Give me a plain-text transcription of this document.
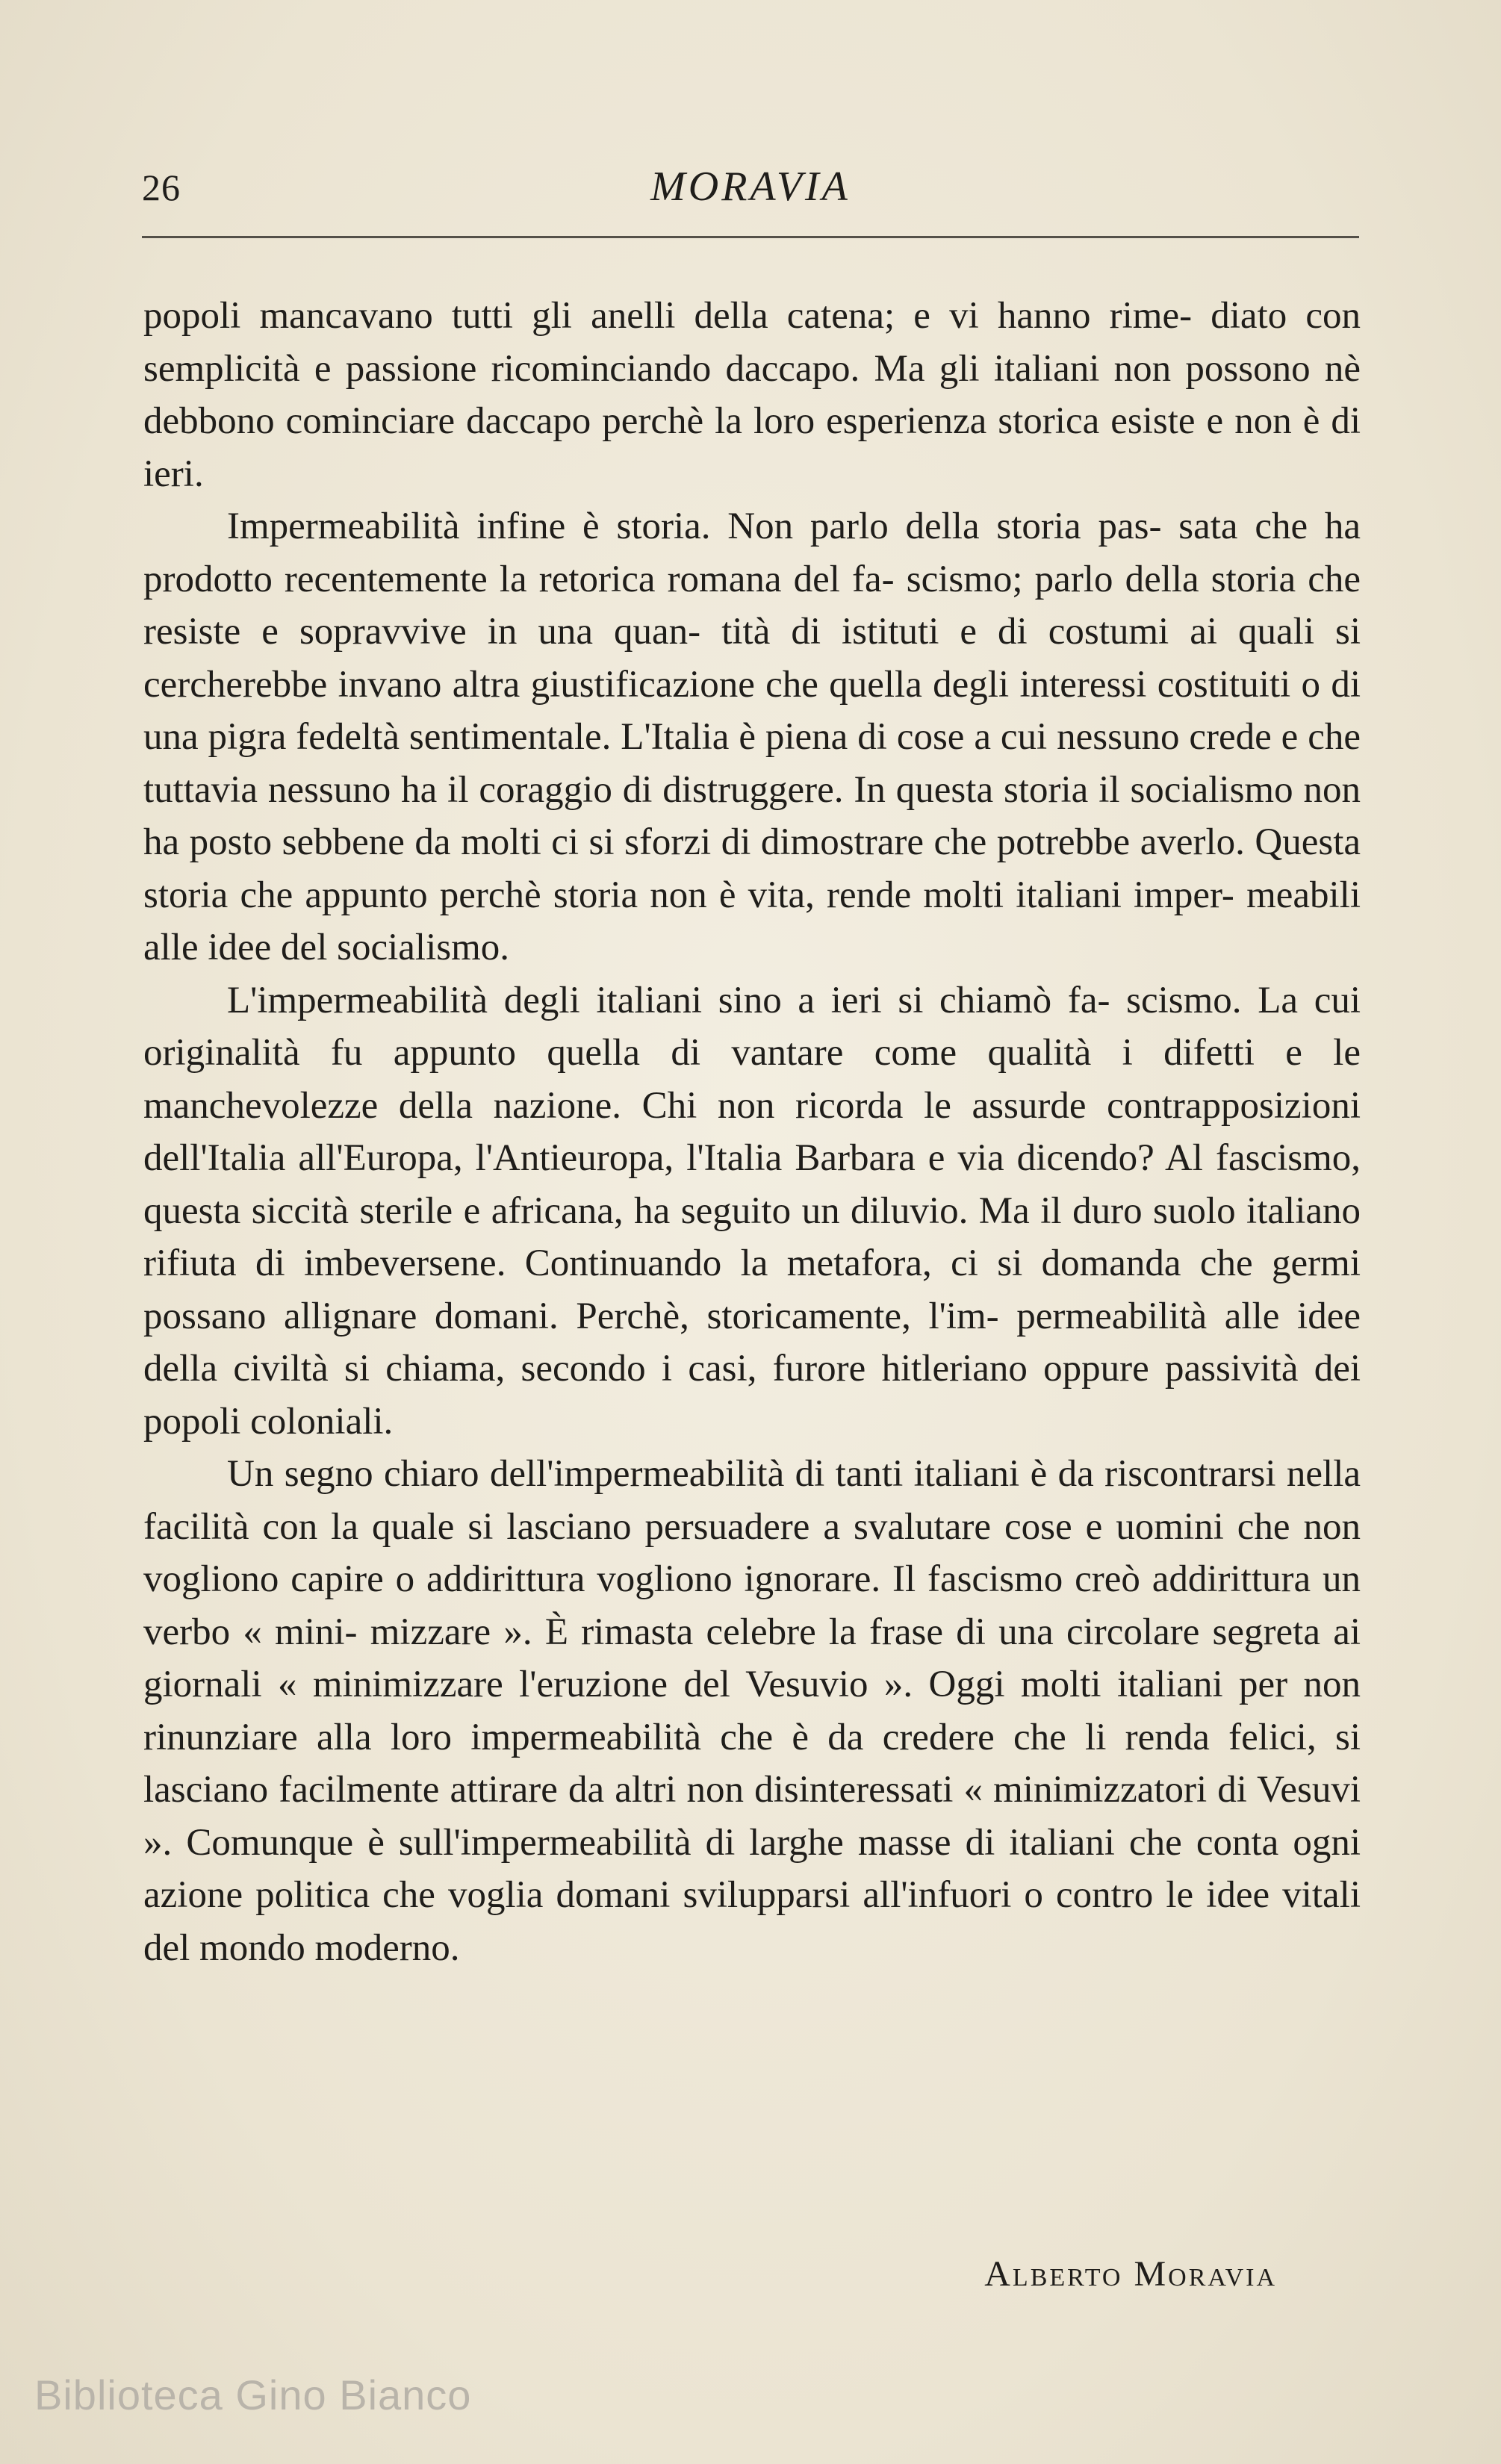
26	MORAVIA

popoli mancavano tutti gli anelli della catena; e vi hanno rime- diato con semplicità e passione ricominciando daccapo. Ma gli italiani non possono nè debbono cominciare daccapo perchè la loro esperienza storica esiste e non è di ieri.

Impermeabilità infine è storia. Non parlo della storia pas- sata che ha prodotto recentemente la retorica romana del fa- scismo; parlo della storia che resiste e sopravvive in una quan- tità di istituti e di costumi ai quali si cercherebbe invano altra giustificazione che quella degli interessi costituiti o di una pigra fedeltà sentimentale. L'Italia è piena di cose a cui nessuno crede e che tuttavia nessuno ha il coraggio di distruggere. In questa storia il socialismo non ha posto sebbene da molti ci si sforzi di dimostrare che potrebbe averlo. Questa storia che appunto perchè storia non è vita, rende molti italiani imper- meabili alle idee del socialismo.

L'impermeabilità degli italiani sino a ieri si chiamò fa- scismo. La cui originalità fu appunto quella di vantare come qualità i difetti e le manchevolezze della nazione. Chi non ricorda le assurde contrapposizioni dell'Italia all'Europa, l'Antieuropa, l'Italia Barbara e via dicendo? Al fascismo, questa siccità sterile e africana, ha seguito un diluvio. Ma il duro suolo italiano rifiuta di imbeversene. Continuando la metafora, ci si domanda che germi possano allignare domani. Perchè, storicamente, l'im- permeabilità alle idee della civiltà si chiama, secondo i casi, furore hitleriano oppure passività dei popoli coloniali.

Un segno chiaro dell'impermeabilità di tanti italiani è da riscontrarsi nella facilità con la quale si lasciano persuadere a svalutare cose e uomini che non vogliono capire o addirittura vogliono ignorare. Il fascismo creò addirittura un verbo « mini- mizzare ». È rimasta celebre la frase di una circolare segreta ai giornali « minimizzare l'eruzione del Vesuvio ». Oggi molti italiani per non rinunziare alla loro impermeabilità che è da credere che li renda felici, si lasciano facilmente attirare da altri non disinteressati « minimizzatori di Vesuvi ». Comunque è sull'impermeabilità di larghe masse di italiani che conta ogni azione politica che voglia domani svilupparsi all'infuori o contro le idee vitali del mondo moderno.

Alberto Moravia
Biblioteca Gino Bianco
